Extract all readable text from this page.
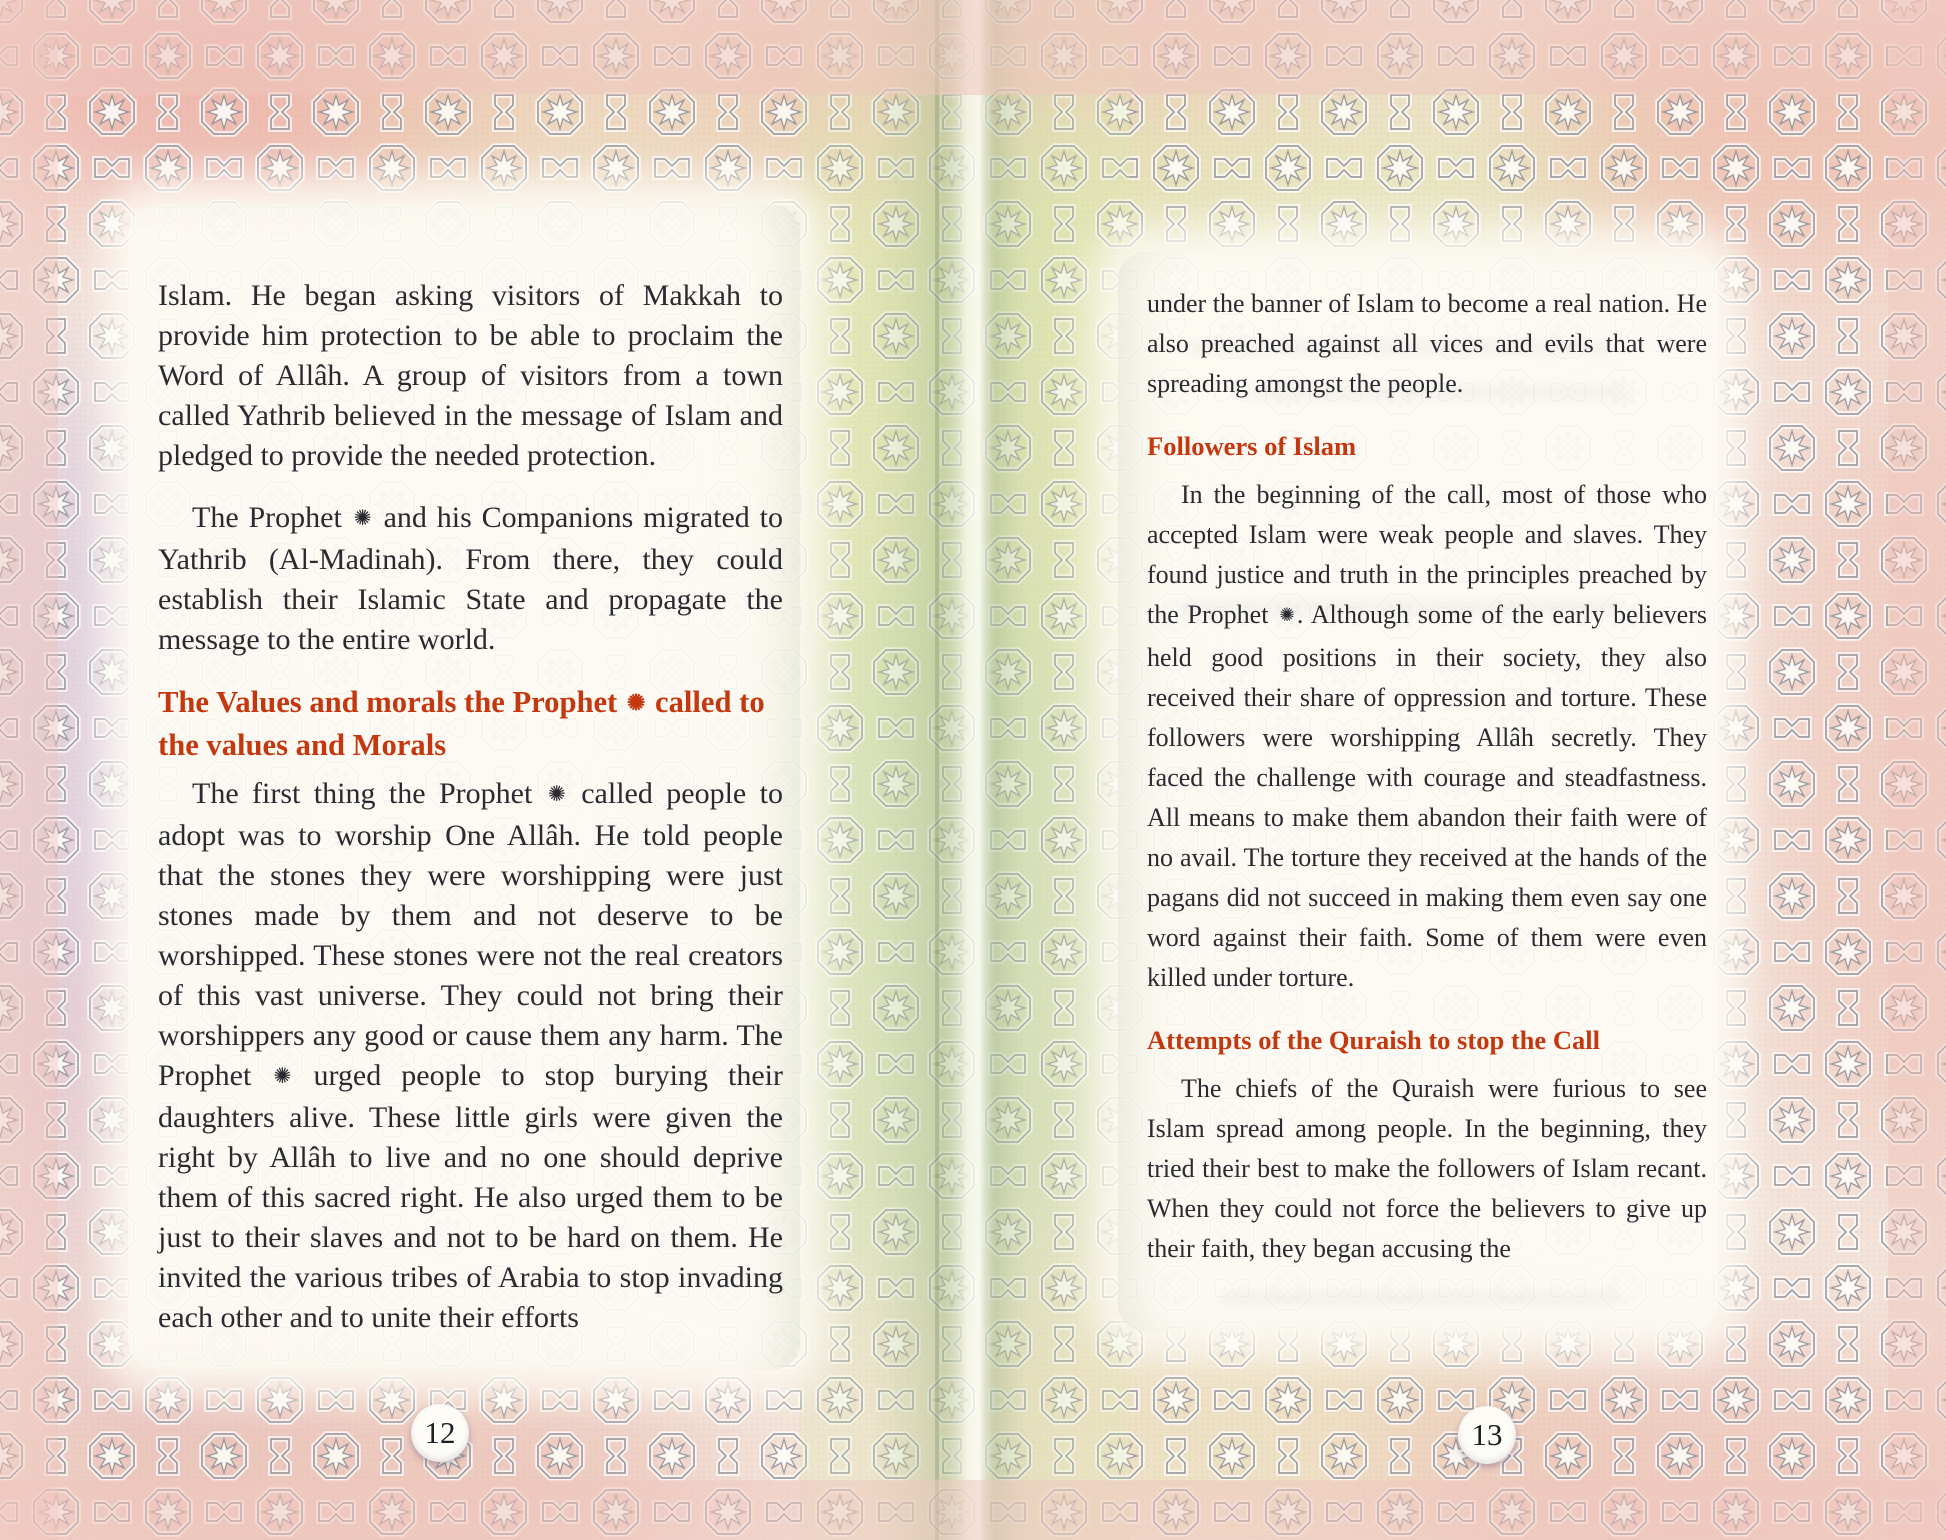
Islam. He began asking visitors of Makkah to provide him protection to be able to proclaim the Word of Allâh. A group of visitors from a town called Yathrib believed in the message of Islam and pledged to provide the needed protection.

The Prophet ✺ and his Companions migrated to Yathrib (Al-Madinah). From there, they could establish their Islamic State and propagate the message to the entire world.

The Values and morals the Prophet ✺ called to the values and Morals

The first thing the Prophet ✺ called people to adopt was to worship One Allâh. He told people that the stones they were worshipping were just stones made by them and not deserve to be worshipped. These stones were not the real creators of this vast universe. They could not bring their worshippers any good or cause them any harm. The Prophet ✺ urged people to stop burying their daughters alive. These little girls were given the right by Allâh to live and no one should deprive them of this sacred right. He also urged them to be just to their slaves and not to be hard on them. He invited the various tribes of Arabia to stop invading each other and to unite their efforts

under the banner of Islam to become a real nation. He also preached against all vices and evils that were spreading amongst the people.

Followers of Islam

In the beginning of the call, most of those who accepted Islam were weak people and slaves. They found justice and truth in the principles preached by the Prophet ✺. Although some of the early believers held good positions in their society, they also received their share of oppression and torture. These followers were worshipping Allâh secretly. They faced the challenge with courage and steadfastness. All means to make them abandon their faith were of no avail. The torture they received at the hands of the pagans did not succeed in making them even say one word against their faith. Some of them were even killed under torture.

Attempts of the Quraish to stop the Call

The chiefs of the Quraish were furious to see Islam spread among people. In the beginning, they tried their best to make the followers of Islam recant. When they could not force the believers to give up their faith, they began accusing the

12	13
